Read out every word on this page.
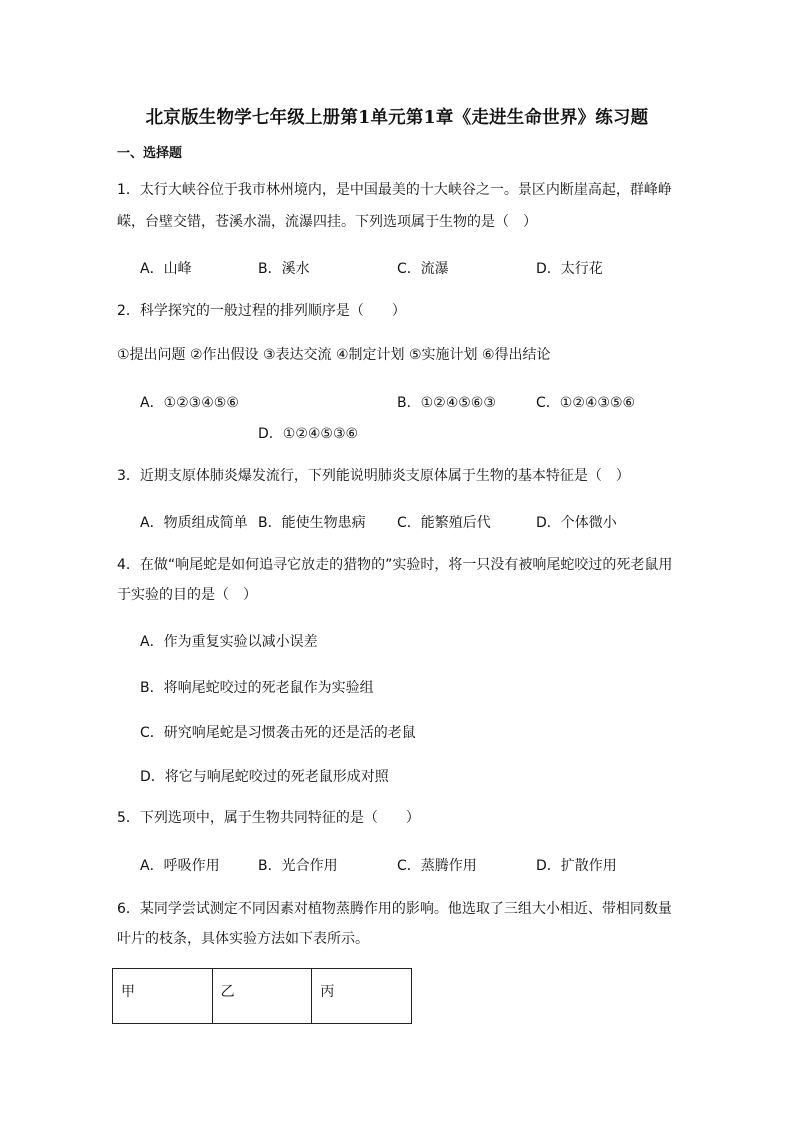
北京版生物学七年级上册第1单元第1章《走进生命世界》练习题
一、选择题
1．太行大峡谷位于我市林州境内，是中国最美的十大峡谷之一。景区内断崖高起，群峰峥
嵘，台壁交错，苍溪水湍，流瀑四挂。下列选项属于生物的是（　）
A．山峰	B．溪水	C．流瀑	D．太行花
2．科学探究的一般过程的排列顺序是（　　）
①提出问题 ②作出假设 ③表达交流 ④制定计划 ⑤实施计划 ⑥得出结论
A．①②③④⑤⑥	B．①②④⑤⑥③	C．①②④③⑤⑥
D．①②④⑤③⑥
3．近期支原体肺炎爆发流行，下列能说明肺炎支原体属于生物的基本特征是（　）
A．物质组成简单 B．能使生物患病 C．能繁殖后代	D．个体微小
4．在做“响尾蛇是如何追寻它放走的猎物的”实验时，将一只没有被响尾蛇咬过的死老鼠用
于实验的目的是（　）
A．作为重复实验以减小误差
B．将响尾蛇咬过的死老鼠作为实验组
C．研究响尾蛇是习惯袭击死的还是活的老鼠
D．将它与响尾蛇咬过的死老鼠形成对照
5．下列选项中，属于生物共同特征的是（　　）
A．呼吸作用	B．光合作用	C．蒸腾作用	D．扩散作用
6．某同学尝试测定不同因素对植物蒸腾作用的影响。他选取了三组大小相近、带相同数量
叶片的枝条，具体实验方法如下表所示。
甲	乙	丙
